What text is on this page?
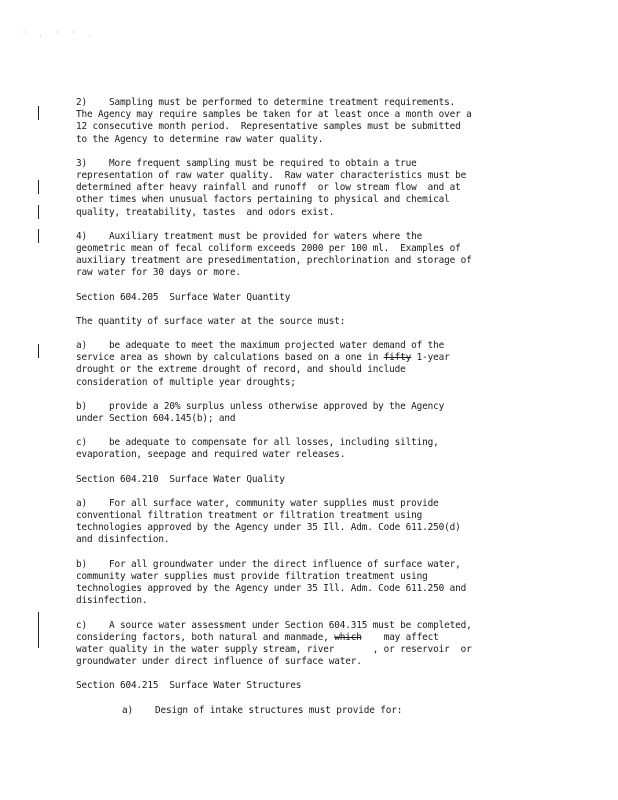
' . ' ' .
2)    Sampling must be performed to determine treatment requirements.
The Agency may require samples be taken for at least once a month over a
12 consecutive month period.  Representative samples must be submitted
to the Agency to determine raw water quality.
3)    More frequent sampling must be required to obtain a true
representation of raw water quality.  Raw water characteristics must be
determined after heavy rainfall and runoff  or low stream flow  and at
other times when unusual factors pertaining to physical and chemical
quality, treatability, tastes  and odors exist.
4)    Auxiliary treatment must be provided for waters where the
geometric mean of fecal coliform exceeds 2000 per 100 ml.  Examples of
auxiliary treatment are presedimentation, prechlorination and storage of
raw water for 30 days or more.
Section 604.205  Surface Water Quantity
The quantity of surface water at the source must:
a)    be adequate to meet the maximum projected water demand of the
service area as shown by calculations based on a one in fifty 1-year
drought or the extreme drought of record, and should include
consideration of multiple year droughts;
b)    provide a 20% surplus unless otherwise approved by the Agency
under Section 604.145(b); and
c)    be adequate to compensate for all losses, including silting,
evaporation, seepage and required water releases.
Section 604.210  Surface Water Quality
a)    For all surface water, community water supplies must provide
conventional filtration treatment or filtration treatment using
technologies approved by the Agency under 35 Ill. Adm. Code 611.250(d)
and disinfection.
b)    For all groundwater under the direct influence of surface water,
community water supplies must provide filtration treatment using
technologies approved by the Agency under 35 Ill. Adm. Code 611.250 and
disinfection.
c)    A source water assessment under Section 604.315 must be completed,
considering factors, both natural and manmade, which    may affect
water quality in the water supply stream, river       , or reservoir  or
groundwater under direct influence of surface water.
Section 604.215  Surface Water Structures
a)    Design of intake structures must provide for:
